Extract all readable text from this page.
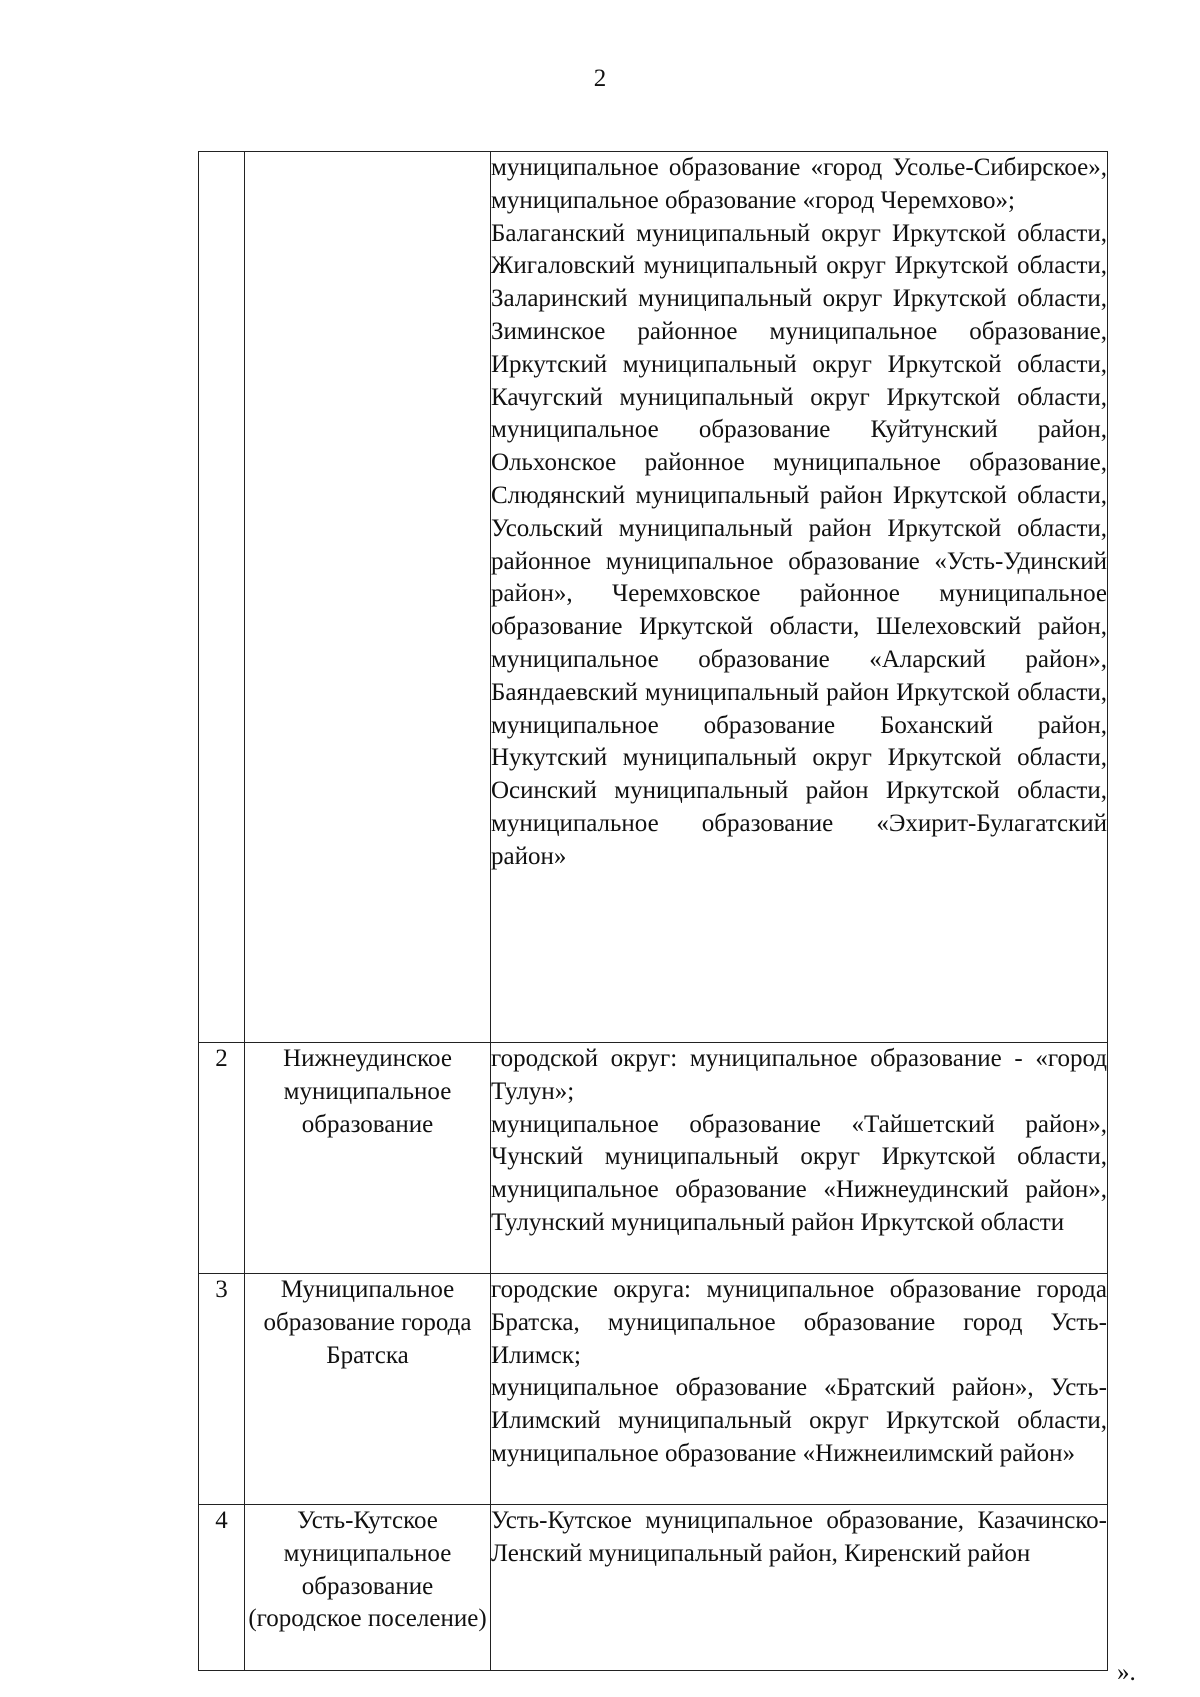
2

		муниципальное образование «город Усолье-Сибирское», муниципальное образование «город Черемхово»;
Балаганский муниципальный округ Иркутской области, Жигаловский муниципальный округ Иркутской области, Заларинский муниципальный округ Иркутской области, Зиминское районное муниципальное образование, Иркутский муниципальный округ Иркутской области, Качугский муниципальный округ Иркутской области, муниципальное образование Куйтунский район, Ольхонское районное муниципальное образование, Слюдянский муниципальный район Иркутской области, Усольский муниципальный район Иркутской области, районное муниципальное образование «Усть-Удинский район», Черемховское районное муниципальное образование Иркутской области, Шелеховский район, муниципальное образование «Аларский район», Баяндаевский муниципальный район Иркутской области, муниципальное образование Боханский район, Нукутский муниципальный округ Иркутской области, Осинский муниципальный район Иркутской области, муниципальное образование «Эхирит-Булагатский район»

2	Нижнеудинское муниципальное образование	городской округ: муниципальное образование - «город Тулун»;
муниципальное образование «Тайшетский район», Чунский муниципальный округ Иркутской области, муниципальное образование «Нижнеудинский район», Тулунский муниципальный район Иркутской области

3	Муниципальное образование города Братска	городские округа: муниципальное образование города Братска, муниципальное образование город Усть-Илимск;
муниципальное образование «Братский район», Усть-Илимский муниципальный округ Иркутской области, муниципальное образование «Нижнеилимский район»

4	Усть-Кутское муниципальное образование (городское поселение)	Усть-Кутское муниципальное образование, Казачинско-Ленский муниципальный район, Киренский район
».
